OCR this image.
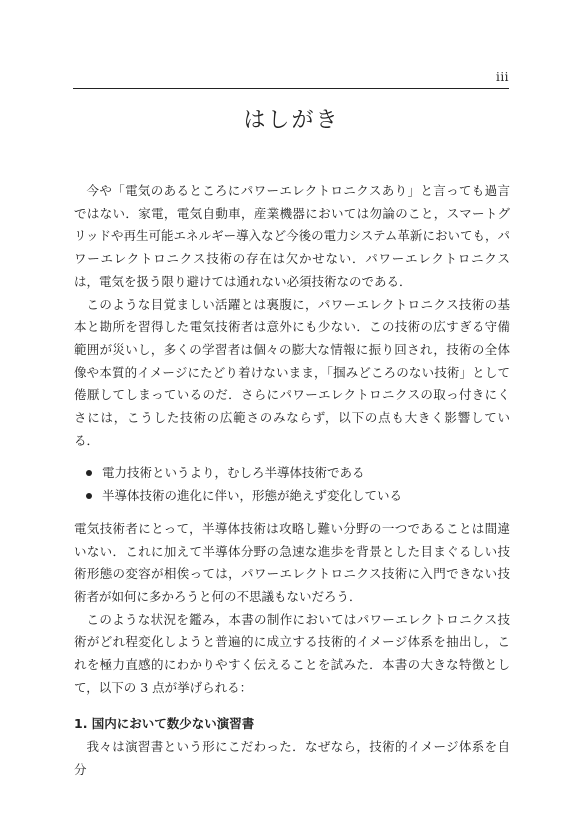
iii
はしがき

今や「電気のあるところにパワーエレクトロニクスあり」と言っても過言ではない．家電，電気自動車，産業機器においては勿論のこと，スマートグリッドや再生可能エネルギー導入など今後の電力システム革新においても，パワーエレクトロニクス技術の存在は欠かせない．パワーエレクトロニクスは，電気を扱う限り避けては通れない必須技術なのである．

このような目覚ましい活躍とは裏腹に，パワーエレクトロニクス技術の基本と勘所を習得した電気技術者は意外にも少ない．この技術の広すぎる守備範囲が災いし，多くの学習者は個々の膨大な情報に振り回され，技術の全体像や本質的イメージにたどり着けないまま，「掴みどころのない技術」として倦厭してしまっているのだ．さらにパワーエレクトロニクスの取っ付きにくさには，こうした技術の広範さのみならず，以下の点も大きく影響している．

電力技術というより，むしろ半導体技術である
半導体技術の進化に伴い，形態が絶えず変化している

電気技術者にとって，半導体技術は攻略し難い分野の一つであることは間違いない．これに加えて半導体分野の急速な進歩を背景とした目まぐるしい技術形態の変容が相俟っては，パワーエレクトロニクス技術に入門できない技術者が如何に多かろうと何の不思議もないだろう．

このような状況を鑑み，本書の制作においてはパワーエレクトロニクス技術がどれ程変化しようと普遍的に成立する技術的イメージ体系を抽出し，これを極力直感的にわかりやすく伝えることを試みた．本書の大きな特徴として，以下の 3 点が挙げられる：

1. 国内において数少ない演習書

我々は演習書という形にこだわった．なぜなら，技術的イメージ体系を自分
